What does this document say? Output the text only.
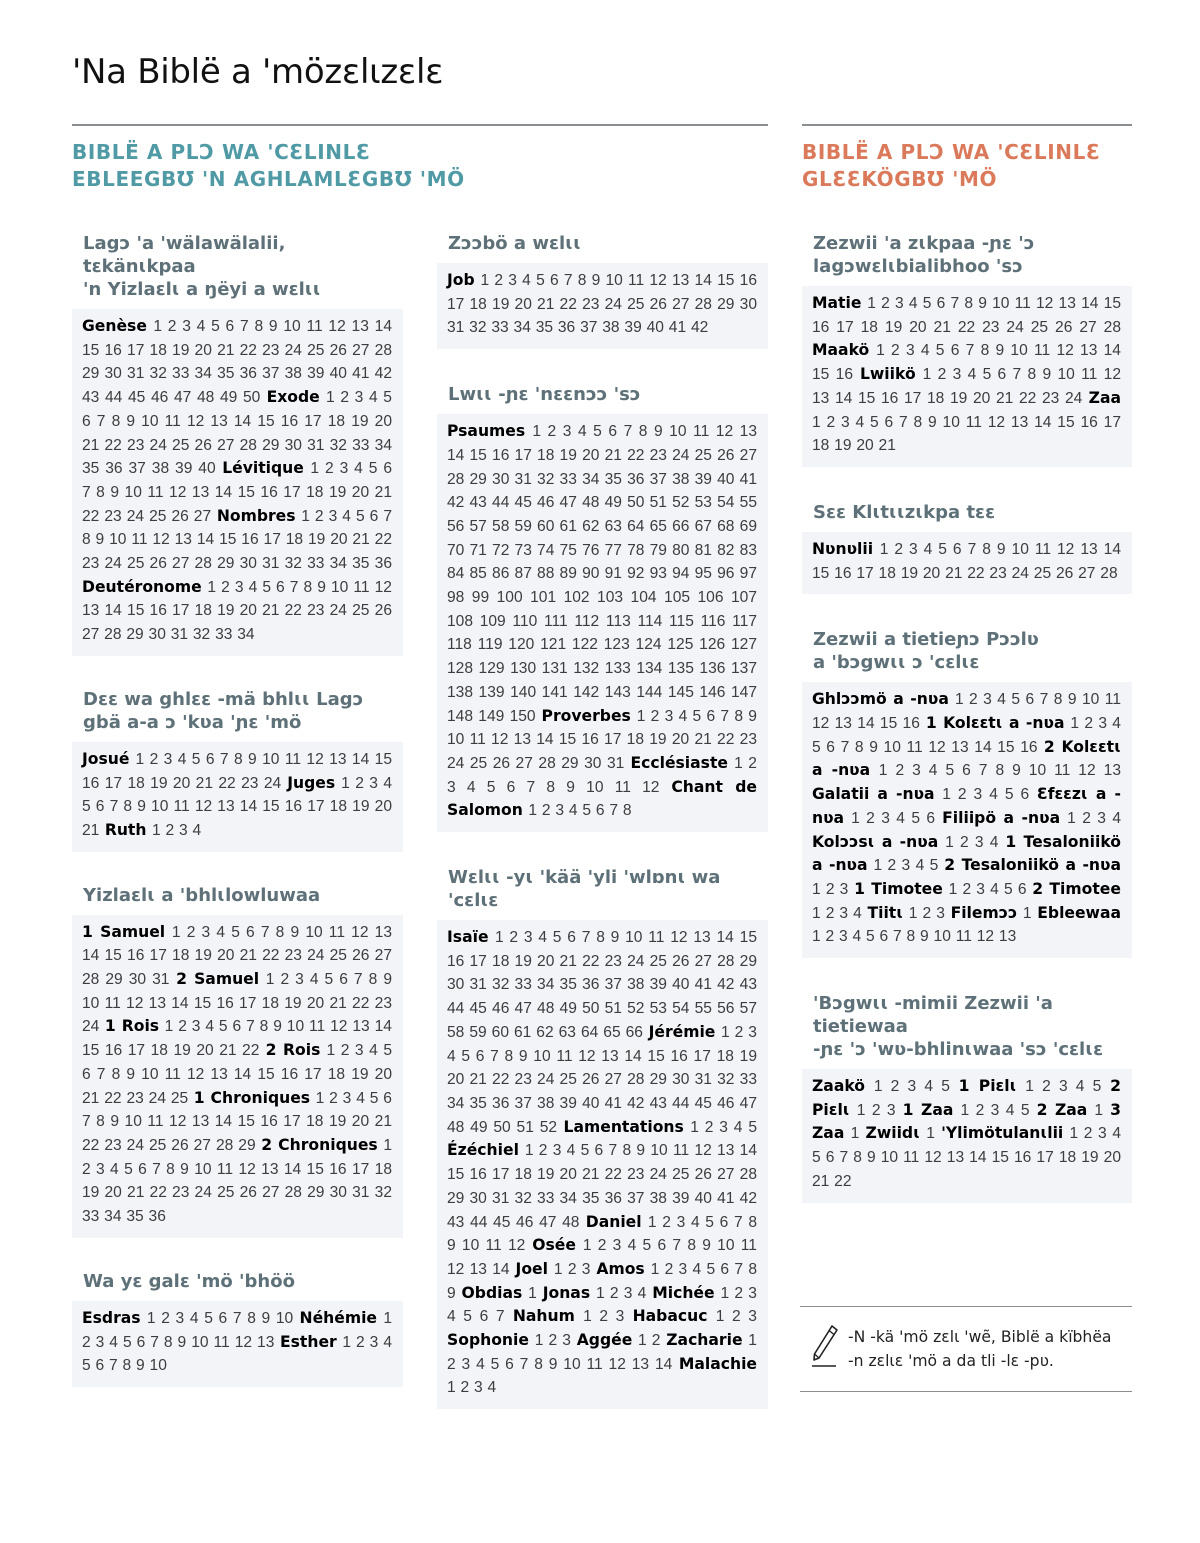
'Na Biblë a 'mözɛlɩzɛlɛ
BIBLË A PLƆ WA 'CƐLINLƐ
EBLEEGBƱ 'N AGHLAMLƐGBƱ 'MÖ
BIBLË A PLƆ WA 'CƐLINLƐ
GLƐƐKÖGBƱ 'MÖ
Lagɔ 'a 'wälawälalii, tɛkänɩkpaa
'n Yizlaɛlɩ a ŋëyi a wɛlɩɩ
Genèse 1 2 3 4 5 6 7 8 9 10 11 12 13 14 15 16 17 18 19 20 21 22 23 24 25 26 27 28 29 30 31 32 33 34 35 36 37 38 39 40 41 42 43 44 45 46 47 48 49 50 Exode 1 2 3 4 5 6 7 8 9 10 11 12 13 14 15 16 17 18 19 20 21 22 23 24 25 26 27 28 29 30 31 32 33 34 35 36 37 38 39 40 Lévitique 1 2 3 4 5 6 7 8 9 10 11 12 13 14 15 16 17 18 19 20 21 22 23 24 25 26 27 Nombres 1 2 3 4 5 6 7 8 9 10 11 12 13 14 15 16 17 18 19 20 21 22 23 24 25 26 27 28 29 30 31 32 33 34 35 36 Deutéronome 1 2 3 4 5 6 7 8 9 10 11 12 13 14 15 16 17 18 19 20 21 22 23 24 25 26 27 28 29 30 31 32 33 34
Dɛɛ wa ghlɛɛ -mä bhlɩɩ Lagɔ
gbä a-a ɔ 'kʋa 'ɲɛ 'mö
Josué 1 2 3 4 5 6 7 8 9 10 11 12 13 14 15 16 17 18 19 20 21 22 23 24 Juges 1 2 3 4 5 6 7 8 9 10 11 12 13 14 15 16 17 18 19 20 21 Ruth 1 2 3 4
Yizlaɛlɩ a 'bhlɩlowluwaa
1 Samuel 1 2 3 4 5 6 7 8 9 10 11 12 13 14 15 16 17 18 19 20 21 22 23 24 25 26 27 28 29 30 31 2 Samuel 1 2 3 4 5 6 7 8 9 10 11 12 13 14 15 16 17 18 19 20 21 22 23 24 1 Rois 1 2 3 4 5 6 7 8 9 10 11 12 13 14 15 16 17 18 19 20 21 22 2 Rois 1 2 3 4 5 6 7 8 9 10 11 12 13 14 15 16 17 18 19 20 21 22 23 24 25 1 Chroniques 1 2 3 4 5 6 7 8 9 10 11 12 13 14 15 16 17 18 19 20 21 22 23 24 25 26 27 28 29 2 Chroniques 1 2 3 4 5 6 7 8 9 10 11 12 13 14 15 16 17 18 19 20 21 22 23 24 25 26 27 28 29 30 31 32 33 34 35 36
Wa yɛ galɛ 'mö 'bhöö
Esdras 1 2 3 4 5 6 7 8 9 10 Néhémie 1 2 3 4 5 6 7 8 9 10 11 12 13 Esther 1 2 3 4 5 6 7 8 9 10
Zɔɔbö a wɛlɩɩ
Job 1 2 3 4 5 6 7 8 9 10 11 12 13 14 15 16 17 18 19 20 21 22 23 24 25 26 27 28 29 30 31 32 33 34 35 36 37 38 39 40 41 42
Lwɩɩ -ɲɛ 'nɛɛnɔɔ 'sɔ
Psaumes 1 2 3 4 5 6 7 8 9 10 11 12 13 14 15 16 17 18 19 20 21 22 23 24 25 26 27 28 29 30 31 32 33 34 35 36 37 38 39 40 41 42 43 44 45 46 47 48 49 50 51 52 53 54 55 56 57 58 59 60 61 62 63 64 65 66 67 68 69 70 71 72 73 74 75 76 77 78 79 80 81 82 83 84 85 86 87 88 89 90 91 92 93 94 95 96 97 98 99 100 101 102 103 104 105 106 107 108 109 110 111 112 113 114 115 116 117 118 119 120 121 122 123 124 125 126 127 128 129 130 131 132 133 134 135 136 137 138 139 140 141 142 143 144 145 146 147 148 149 150 Proverbes 1 2 3 4 5 6 7 8 9 10 11 12 13 14 15 16 17 18 19 20 21 22 23 24 25 26 27 28 29 30 31 Ecclésiaste 1 2 3 4 5 6 7 8 9 10 11 12 Chant de Salomon 1 2 3 4 5 6 7 8
Wɛlɩɩ -yɩ 'kää 'yli 'wlɒnɩ wa 'cɛlɩɛ
Isaïe 1 2 3 4 5 6 7 8 9 10 11 12 13 14 15 16 17 18 19 20 21 22 23 24 25 26 27 28 29 30 31 32 33 34 35 36 37 38 39 40 41 42 43 44 45 46 47 48 49 50 51 52 53 54 55 56 57 58 59 60 61 62 63 64 65 66 Jérémie 1 2 3 4 5 6 7 8 9 10 11 12 13 14 15 16 17 18 19 20 21 22 23 24 25 26 27 28 29 30 31 32 33 34 35 36 37 38 39 40 41 42 43 44 45 46 47 48 49 50 51 52 Lamentations 1 2 3 4 5 Ézéchiel 1 2 3 4 5 6 7 8 9 10 11 12 13 14 15 16 17 18 19 20 21 22 23 24 25 26 27 28 29 30 31 32 33 34 35 36 37 38 39 40 41 42 43 44 45 46 47 48 Daniel 1 2 3 4 5 6 7 8 9 10 11 12 Osée 1 2 3 4 5 6 7 8 9 10 11 12 13 14 Joel 1 2 3 Amos 1 2 3 4 5 6 7 8 9 Obdias 1 Jonas 1 2 3 4 Michée 1 2 3 4 5 6 7 Nahum 1 2 3 Habacuc 1 2 3 Sophonie 1 2 3 Aggée 1 2 Zacharie 1 2 3 4 5 6 7 8 9 10 11 12 13 14 Malachie 1 2 3 4
Zezwii 'a zɩkpaa -ɲɛ 'ɔ
lagɔwɛlɩbialibhoo 'sɔ
Matie 1 2 3 4 5 6 7 8 9 10 11 12 13 14 15 16 17 18 19 20 21 22 23 24 25 26 27 28 Maakö 1 2 3 4 5 6 7 8 9 10 11 12 13 14 15 16 Lwiikö 1 2 3 4 5 6 7 8 9 10 11 12 13 14 15 16 17 18 19 20 21 22 23 24 Zaa 1 2 3 4 5 6 7 8 9 10 11 12 13 14 15 16 17 18 19 20 21
Sɛɛ Klɩtɩɩzɩkpa tɛɛ
Nʋnʋlii 1 2 3 4 5 6 7 8 9 10 11 12 13 14 15 16 17 18 19 20 21 22 23 24 25 26 27 28
Zezwii a tietieɲɔ Pɔɔlʋ
a 'bɔgwɩɩ ɔ 'cɛlɩɛ
Ghlɔɔmö a -nʋa 1 2 3 4 5 6 7 8 9 10 11 12 13 14 15 16 1 Kolɛɛtɩ a -nʋa 1 2 3 4 5 6 7 8 9 10 11 12 13 14 15 16 2 Kolɛɛtɩ a -nʋa 1 2 3 4 5 6 7 8 9 10 11 12 13 Galatii a -nʋa 1 2 3 4 5 6 Ɛfɛɛzɩ a -nʋa 1 2 3 4 5 6 Filiipö a -nʋa 1 2 3 4 Kolɔɔsɩ a -nʋa 1 2 3 4 1 Tesaloniikö a -nʋa 1 2 3 4 5 2 Tesaloniikö a -nʋa 1 2 3 1 Timotee 1 2 3 4 5 6 2 Timotee 1 2 3 4 Tiitɩ 1 2 3 Filemɔɔ 1 Ebleewaa 1 2 3 4 5 6 7 8 9 10 11 12 13
'Bɔgwɩɩ -mimii Zezwii 'a tietiewaa
-ɲɛ 'ɔ 'wʋ-bhlinɩwaa 'sɔ 'cɛlɩɛ
Zaakö 1 2 3 4 5 1 Piɛlɩ 1 2 3 4 5 2 Piɛlɩ 1 2 3 1 Zaa 1 2 3 4 5 2 Zaa 1 3 Zaa 1 Zwiidɩ 1 'Ylimötulanɩlii 1 2 3 4 5 6 7 8 9 10 11 12 13 14 15 16 17 18 19 20 21 22
-N -kä 'mö zɛlɩ 'wẽ, Biblë a kïbhëa
-n zɛlɩɛ 'mö a da tli -lɛ -pʋ.
